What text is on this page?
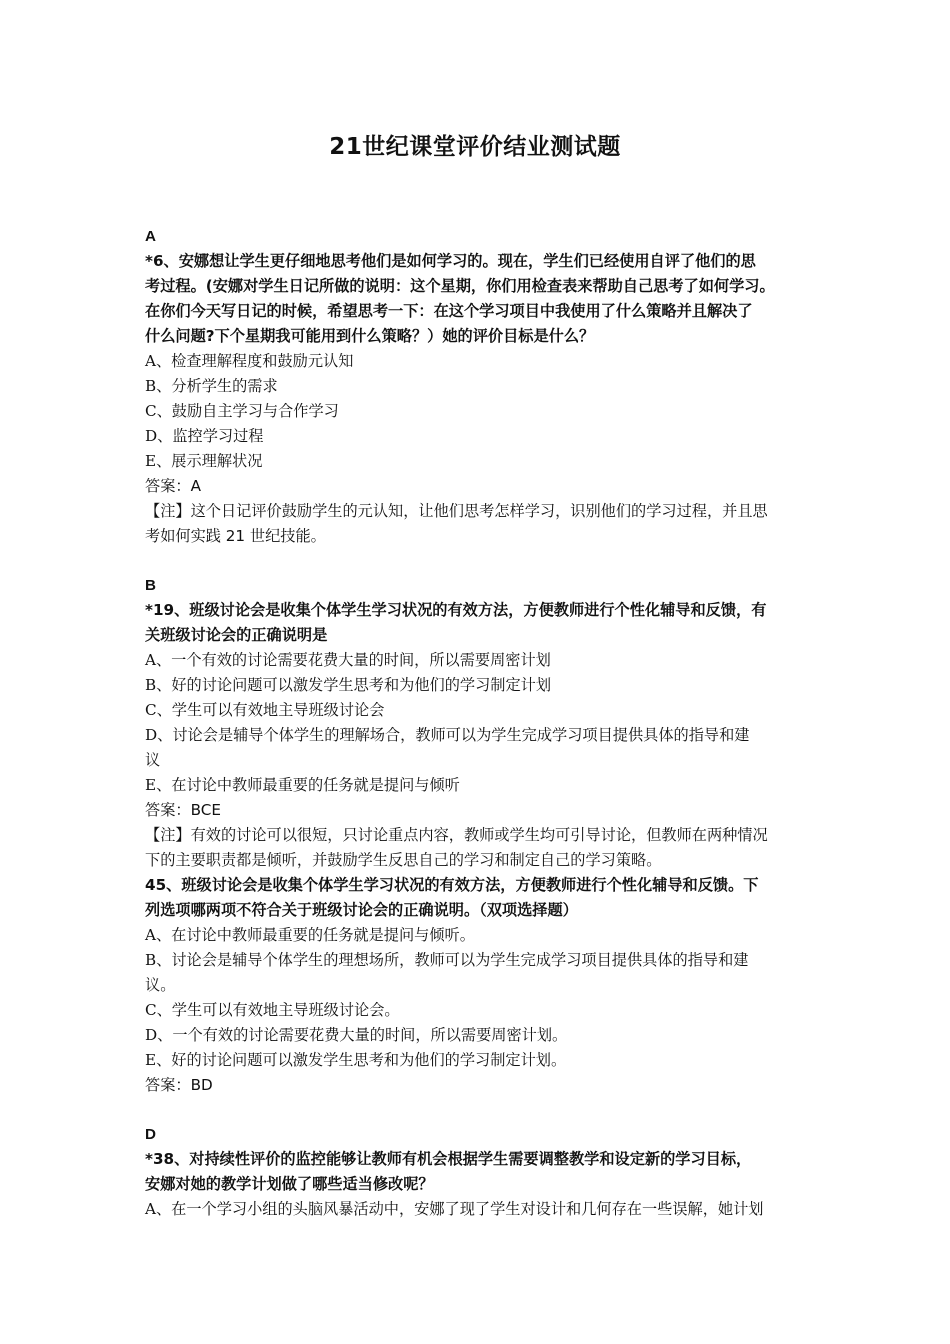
21世纪课堂评价结业测试题
A
*6、安娜想让学生更仔细地思考他们是如何学习的。现在，学生们已经使用自评了他们的思
考过程。(安娜对学生日记所做的说明：这个星期，你们用检查表来帮助自己思考了如何学习。
在你们今天写日记的时候，希望思考一下：在这个学习项目中我使用了什么策略并且解决了
什么问题?下个星期我可能用到什么策略？）她的评价目标是什么？
A、检查理解程度和鼓励元认知
B、分析学生的需求
C、鼓励自主学习与合作学习
D、监控学习过程
E、展示理解状况
答案：A
【注】这个日记评价鼓励学生的元认知，让他们思考怎样学习，识别他们的学习过程，并且思
考如何实践 21 世纪技能。
B
*19、班级讨论会是收集个体学生学习状况的有效方法，方便教师进行个性化辅导和反馈，有
关班级讨论会的正确说明是
A、一个有效的讨论需要花费大量的时间，所以需要周密计划
B、好的讨论问题可以激发学生思考和为他们的学习制定计划
C、学生可以有效地主导班级讨论会
D、讨论会是辅导个体学生的理解场合，教师可以为学生完成学习项目提供具体的指导和建
议
E、在讨论中教师最重要的任务就是提问与倾听
答案：BCE
【注】有效的讨论可以很短，只讨论重点内容，教师或学生均可引导讨论，但教师在两种情况
下的主要职责都是倾听，并鼓励学生反思自己的学习和制定自己的学习策略。
45、班级讨论会是收集个体学生学习状况的有效方法，方便教师进行个性化辅导和反馈。下
列选项哪两项不符合关于班级讨论会的正确说明。（双项选择题）
A、在讨论中教师最重要的任务就是提问与倾听。
B、讨论会是辅导个体学生的理想场所，教师可以为学生完成学习项目提供具体的指导和建
议。
C、学生可以有效地主导班级讨论会。
D、一个有效的讨论需要花费大量的时间，所以需要周密计划。
E、好的讨论问题可以激发学生思考和为他们的学习制定计划。
答案：BD
D
*38、对持续性评价的监控能够让教师有机会根据学生需要调整教学和设定新的学习目标，
安娜对她的教学计划做了哪些适当修改呢？
A、在一个学习小组的头脑风暴活动中，安娜了现了学生对设计和几何存在一些误解，她计划
